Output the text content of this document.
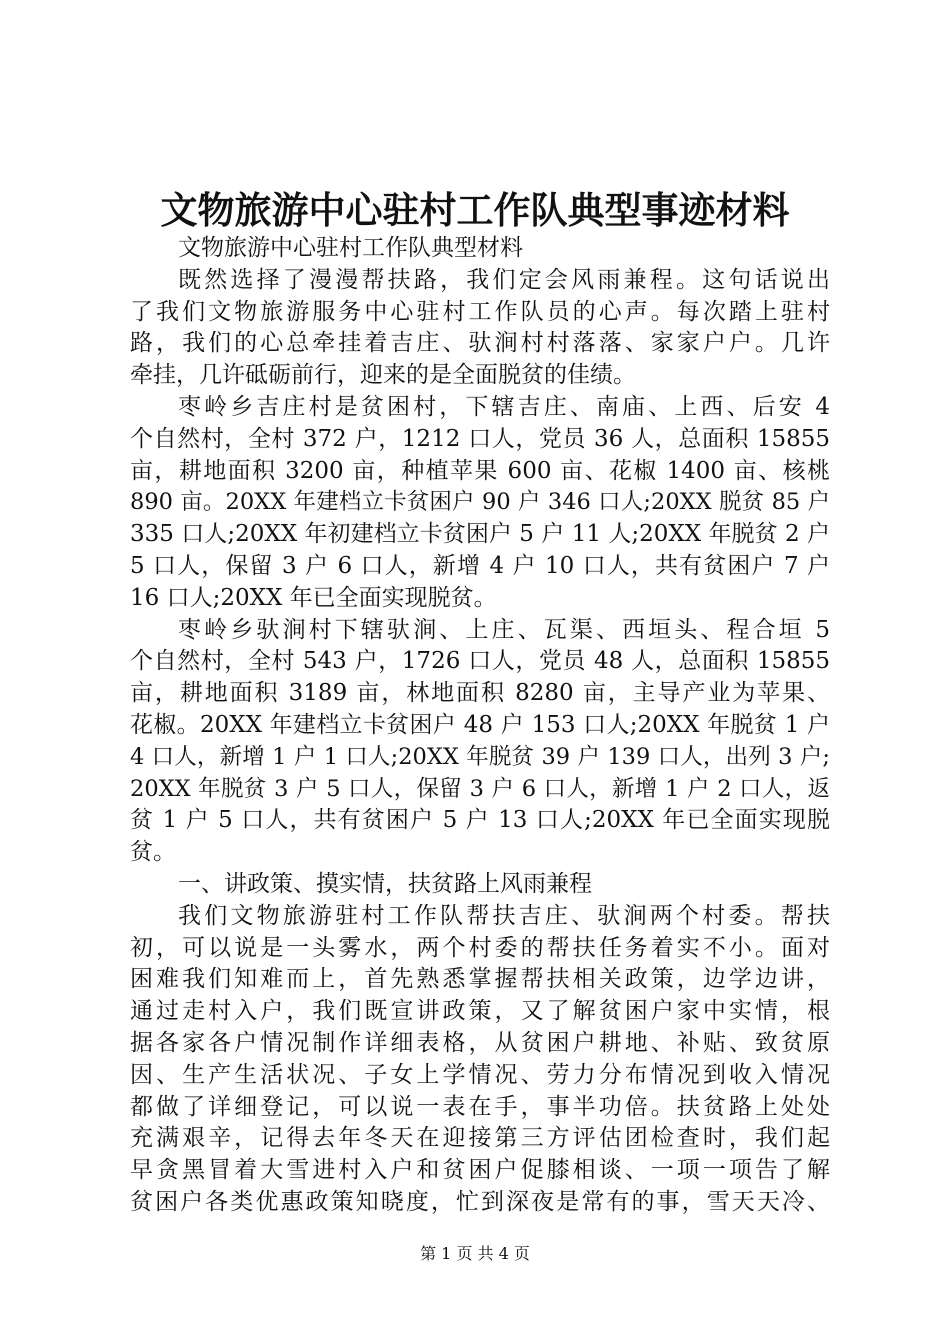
文物旅游中心驻村工作队典型事迹材料
文物旅游中心驻村工作队典型材料
既然选择了漫漫帮扶路，我们定会风雨兼程。这句话说出
了我们文物旅游服务中心驻村工作队员的心声。每次踏上驻村
路，我们的心总牵挂着吉庄、驮涧村村落落、家家户户。几许
牵挂，几许砥砺前行，迎来的是全面脱贫的佳绩。
枣岭乡吉庄村是贫困村，下辖吉庄、南庙、上西、后安 4
个自然村，全村 372 户，1212 口人，党员 36 人，总面积 15855
亩，耕地面积 3200 亩，种植苹果 600 亩、花椒 1400 亩、核桃
890 亩。20XX 年建档立卡贫困户 90 户 346 口人;20XX 脱贫 85 户
335 口人;20XX 年初建档立卡贫困户 5 户 11 人;20XX 年脱贫 2 户
5 口人，保留 3 户 6 口人，新增 4 户 10 口人，共有贫困户 7 户
16 口人;20XX 年已全面实现脱贫。
枣岭乡驮涧村下辖驮涧、上庄、瓦渠、西垣头、程合垣 5
个自然村，全村 543 户，1726 口人，党员 48 人，总面积 15855
亩，耕地面积 3189 亩，林地面积 8280 亩，主导产业为苹果、
花椒。20XX 年建档立卡贫困户 48 户 153 口人;20XX 年脱贫 1 户
4 口人，新增 1 户 1 口人;20XX 年脱贫 39 户 139 口人，出列 3 户;
20XX 年脱贫 3 户 5 口人，保留 3 户 6 口人，新增 1 户 2 口人，返
贫 1 户 5 口人，共有贫困户 5 户 13 口人;20XX 年已全面实现脱
贫。
一、讲政策、摸实情，扶贫路上风雨兼程
我们文物旅游驻村工作队帮扶吉庄、驮涧两个村委。帮扶
初，可以说是一头雾水，两个村委的帮扶任务着实不小。面对
困难我们知难而上，首先熟悉掌握帮扶相关政策，边学边讲，
通过走村入户，我们既宣讲政策，又了解贫困户家中实情，根
据各家各户情况制作详细表格，从贫困户耕地、补贴、致贫原
因、生产生活状况、子女上学情况、劳力分布情况到收入情况
都做了详细登记，可以说一表在手，事半功倍。扶贫路上处处
充满艰辛，记得去年冬天在迎接第三方评估团检查时，我们起
早贪黑冒着大雪进村入户和贫困户促膝相谈、一项一项告了解
贫困户各类优惠政策知晓度，忙到深夜是常有的事，雪天天冷、
第 1 页 共 4 页
